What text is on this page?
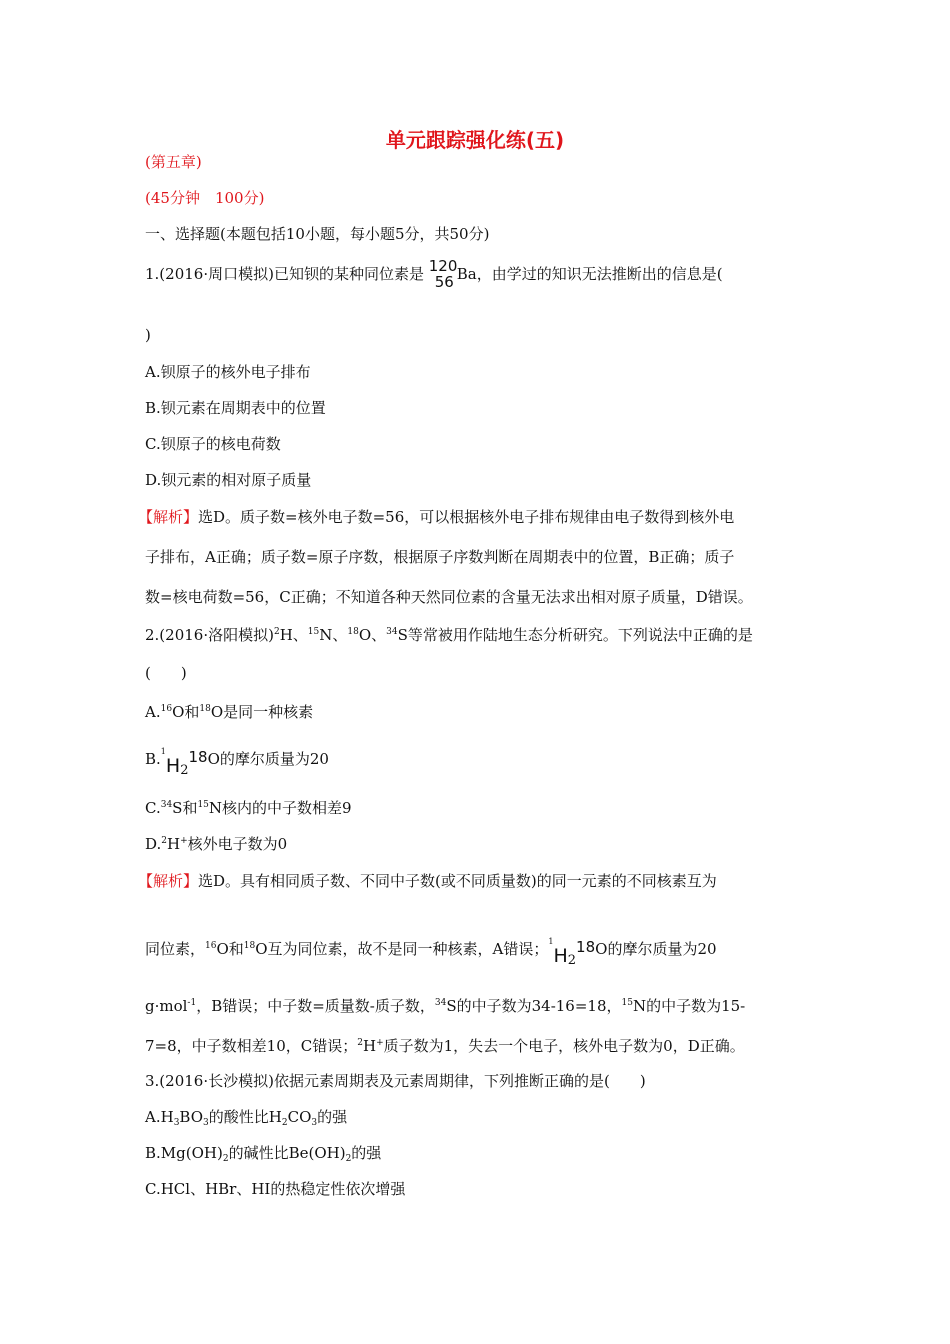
单元跟踪强化练(五)
(第五章)
(45分钟　100分)
一、选择题(本题包括10小题，每小题5分，共50分)
1.(2016·周口模拟)已知钡的某种同位素是 120
56 Ba，由学过的知识无法推断出的信息是(
)
A.钡原子的核外电子排布
B.钡元素在周期表中的位置
C.钡原子的核电荷数
D.钡元素的相对原子质量
【解析】选D。质子数=核外电子数=56，可以根据核外电子排布规律由电子数得到核外电
子排布，A正确；质子数=原子序数，根据原子序数判断在周期表中的位置，B正确；质子
数=核电荷数=56，C正确；不知道各种天然同位素的含量无法求出相对原子质量，D错误。
2.(2016·洛阳模拟)$^2$H、$^{15}$N、$^{18}$O、$^{34}$S等常被用作陆地生态分析研究。下列说法中正确的是
(　　)
A.$^{16}$O和$^{18}$O是同一种核素
$B.^1H_218O$的摩尔质量为20
C.$^{34}$S和$^{15}$N核内的中子数相差9
D.$^2$H+核外电子数为0
【解析】选D。具有相同质子数、不同中子数(或不同质量数)的同一元素的不同核素互为
同位素，$^{16}$O和$^{18}$O互为同位素，故不是同一种核素，A错误；$^1H_218O$的摩尔质量为20
g·mol$^{-1}$，B错误；中子数=质量数-质子数，$^{34}$S的中子数为34-16=18，$^{15}$N的中子数为15-
7=8，中子数相差10，C错误；$^2$H+质子数为1，失去一个电子，核外电子数为0，D正确。
3.(2016·长沙模拟)依据元素周期表及元素周期律，下列推断正确的是(　　)
$A.H_3BO_3$的酸性比$H_2CO_3$的强
$B.Mg(OH)_2$的碱性比$Be(OH)_2$的强
C.HCl、HBr、HI的热稳定性依次增强
